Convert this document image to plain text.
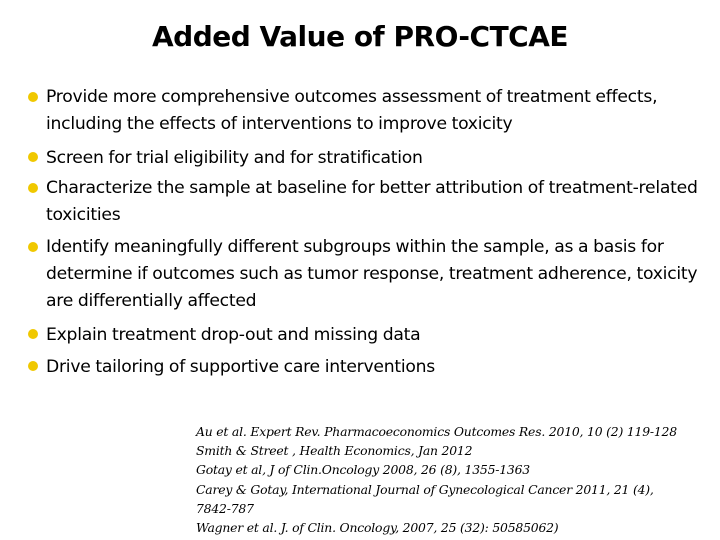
Added Value of PRO-CTCAE
Provide more comprehensive outcomes assessment of treatment effects, including the effects of interventions to improve toxicity
Screen for trial eligibility and for stratification
Characterize the sample at baseline for better attribution of treatment-related toxicities
Identify meaningfully different subgroups within the sample, as a basis for determine if outcomes such as tumor response, treatment adherence, toxicity are differentially affected
Explain treatment drop-out and missing data
Drive tailoring of supportive care interventions
Au et al. Expert Rev. Pharmacoeconomics Outcomes Res. 2010, 10 (2) 119-128
Smith & Street , Health Economics, Jan 2012
Gotay et al, J of Clin.Oncology 2008, 26 (8), 1355-1363
Carey & Gotay, International Journal of Gynecological Cancer 2011, 21 (4),
7842-787
Wagner et al. J. of Clin. Oncology, 2007, 25 (32): 50585062)
